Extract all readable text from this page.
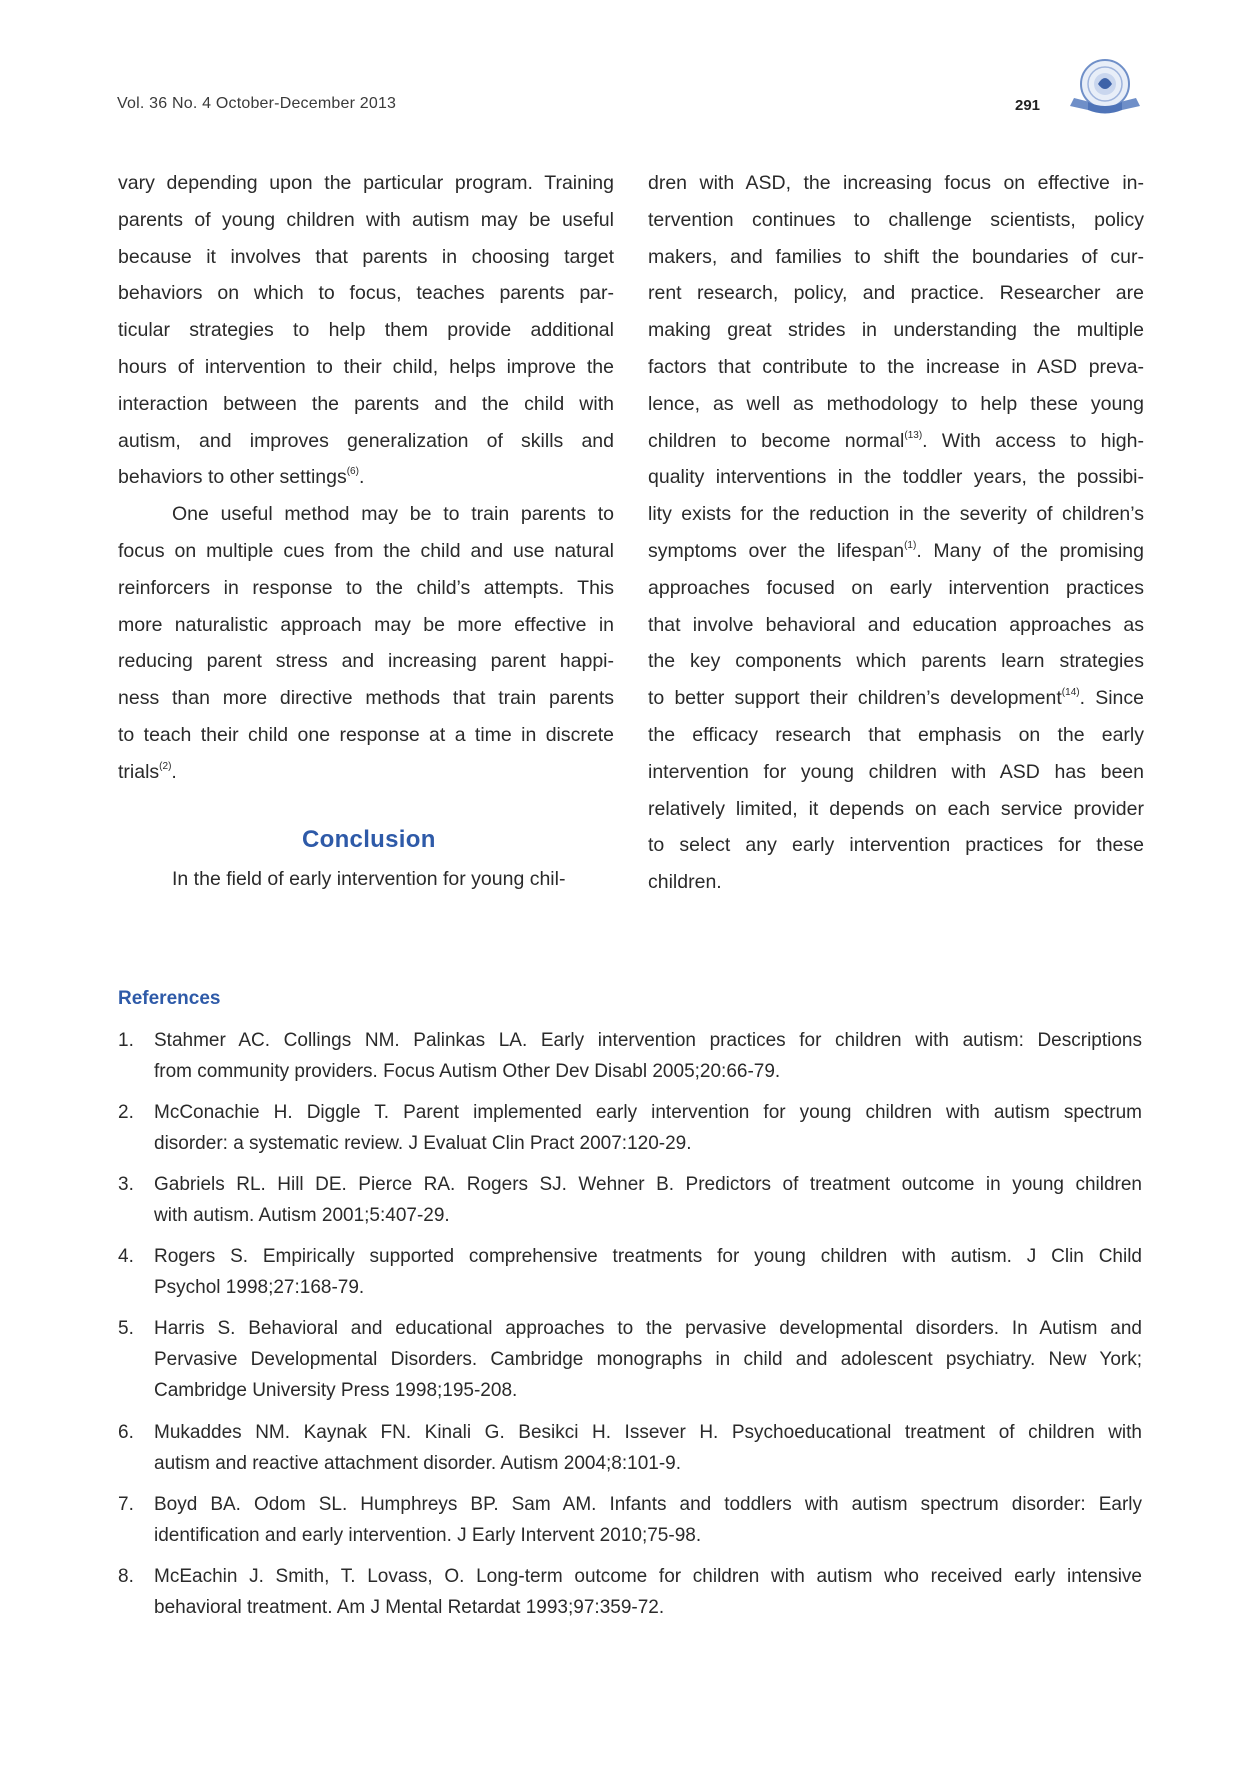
Vol. 36 No. 4 October-December 2013	291
vary depending upon the particular program. Training
parents of young children with autism may be useful
because it involves that parents in choosing target
behaviors on which to focus, teaches parents par-
ticular strategies to help them provide additional
hours of intervention to their child, helps improve the
interaction between the parents and the child with
autism, and improves generalization of skills and
behaviors to other settings$^{(6)}$.
One useful method may be to train parents to
focus on multiple cues from the child and use natural
reinforcers in response to the child’s attempts. This
more naturalistic approach may be more effective in
reducing parent stress and increasing parent happi-
ness than more directive methods that train parents
to teach their child one response at a time in discrete
trials$^{(2)}$.
Conclusion
In the field of early intervention for young chil-
dren with ASD, the increasing focus on effective in-
tervention continues to challenge scientists, policy
makers, and families to shift the boundaries of cur-
rent research, policy, and practice. Researcher are
making great strides in understanding the multiple
factors that contribute to the increase in ASD preva-
lence, as well as methodology to help these young
children to become normal$^{(13)}$. With access to high-
quality interventions in the toddler years, the possibi-
lity exists for the reduction in the severity of children’s
symptoms over the lifespan$^{(1)}$. Many of the promising
approaches focused on early intervention practices
that involve behavioral and education approaches as
the key components which parents learn strategies
to better support their children’s development$^{(14)}$. Since
the efficacy research that emphasis on the early
intervention for young children with ASD has been
relatively limited, it depends on each service provider
to select any early intervention practices for these
children.
References
1.	Stahmer AC. Collings NM. Palinkas LA. Early intervention practices for children with autism: Descriptions
from community providers. Focus Autism Other Dev Disabl 2005;20:66-79.
2.	McConachie H. Diggle T. Parent implemented early intervention for young children with autism spectrum
disorder: a systematic review. J Evaluat Clin Pract 2007:120-29.
3.	Gabriels RL. Hill DE. Pierce RA. Rogers SJ. Wehner B. Predictors of treatment outcome in young children
with autism. Autism 2001;5:407-29.
4.	Rogers S. Empirically supported comprehensive treatments for young children with autism. J Clin Child
Psychol 1998;27:168-79.
5.	Harris S. Behavioral and educational approaches to the pervasive developmental disorders. In Autism and
Pervasive Developmental Disorders. Cambridge monographs in child and adolescent psychiatry. New York;
Cambridge University Press 1998;195-208.
6.	Mukaddes NM. Kaynak FN. Kinali G. Besikci H. Issever H. Psychoeducational treatment of children with
autism and reactive attachment disorder. Autism 2004;8:101-9.
7.	Boyd BA. Odom SL. Humphreys BP. Sam AM. Infants and toddlers with autism spectrum disorder: Early
identification and early intervention. J Early Intervent 2010;75-98.
8.	McEachin J. Smith, T. Lovass, O. Long-term outcome for children with autism who received early intensive
behavioral treatment. Am J Mental Retardat 1993;97:359-72.
